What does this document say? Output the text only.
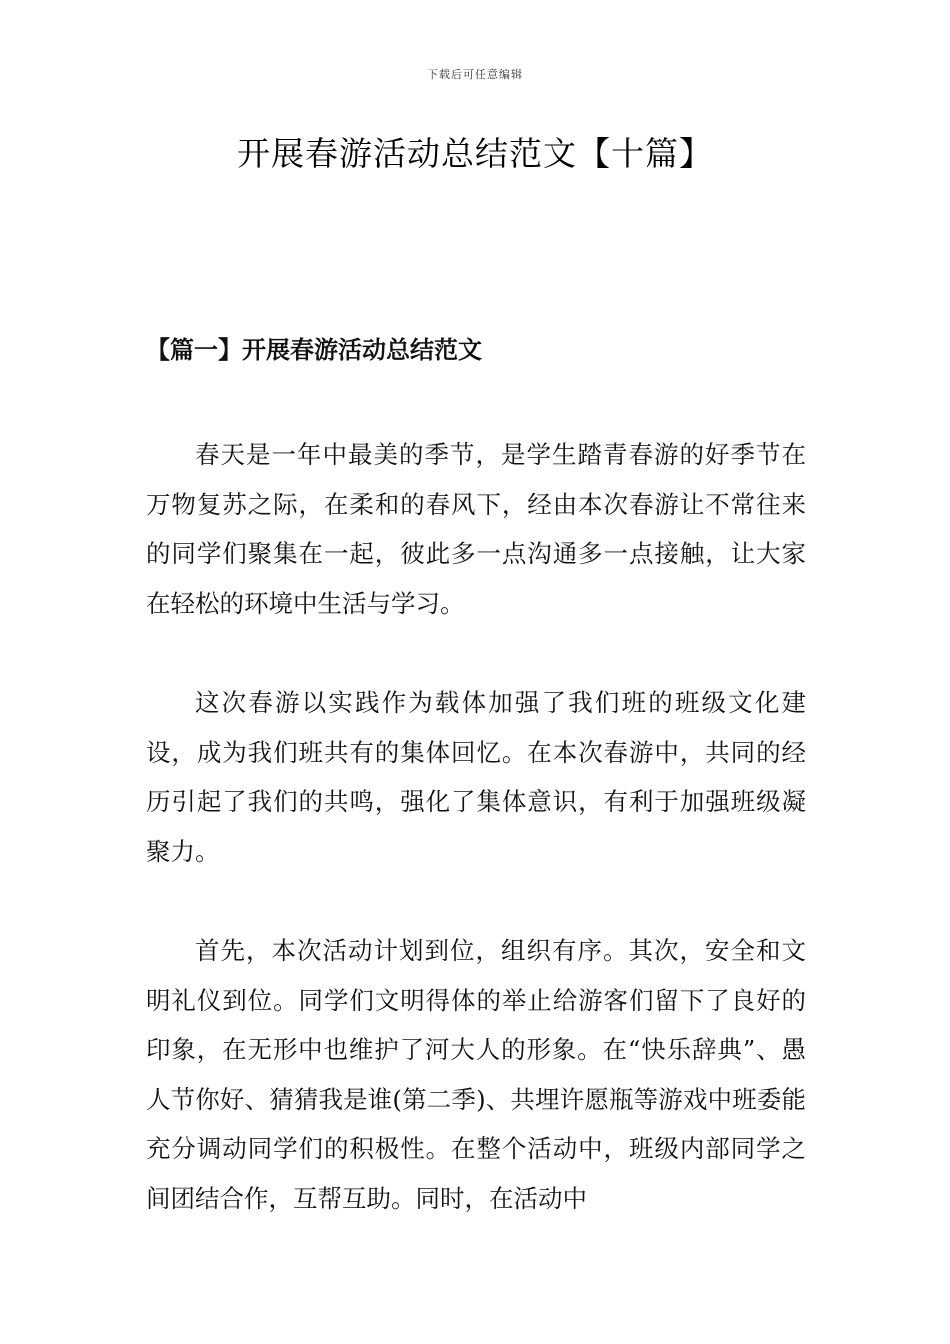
下载后可任意编辑
开展春游活动总结范文【十篇】
【篇一】开展春游活动总结范文

春天是一年中最美的季节，是学生踏青春游的好季节在万物复苏之际，在柔和的春风下，经由本次春游让不常往来的同学们聚集在一起，彼此多一点沟通多一点接触，让大家在轻松的环境中生活与学习。

这次春游以实践作为载体加强了我们班的班级文化建设，成为我们班共有的集体回忆。在本次春游中，共同的经历引起了我们的共鸣，强化了集体意识，有利于加强班级凝聚力。

首先，本次活动计划到位，组织有序。其次，安全和文明礼仪到位。同学们文明得体的举止给游客们留下了良好的印象，在无形中也维护了河大人的形象。在“快乐辞典”、愚人节你好、猜猜我是谁(第二季)、共埋许愿瓶等游戏中班委能充分调动同学们的积极性。在整个活动中，班级内部同学之间团结合作，互帮互助。同时，在活动中
